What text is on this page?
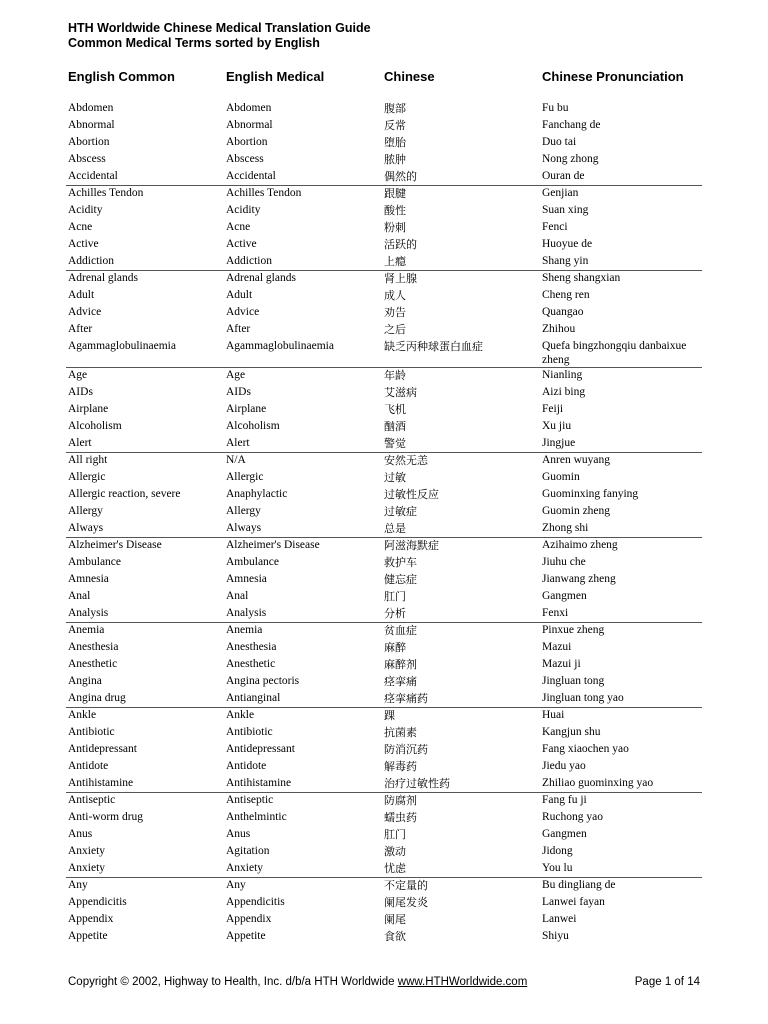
HTH Worldwide Chinese Medical Translation Guide
Common Medical Terms sorted by English
English Common	English Medical	Chinese	Chinese Pronunciation
Abdomen	Abdomen	腹部	Fu bu
Abnormal	Abnormal	反常	Fanchang de
Abortion	Abortion	堕胎	Duo tai
Abscess	Abscess	脓肿	Nong zhong
Accidental	Accidental	偶然的	Ouran de
Achilles Tendon	Achilles Tendon	跟腱	Genjian
Acidity	Acidity	酸性	Suan xing
Acne	Acne	粉刺	Fenci
Active	Active	活跃的	Huoyue de
Addiction	Addiction	上瘾	Shang yin
Adrenal glands	Adrenal glands	肾上腺	Sheng shangxian
Adult	Adult	成人	Cheng ren
Advice	Advice	劝告	Quangao
After	After	之后	Zhihou
Agammaglobulinaemia	Agammaglobulinaemia	缺乏丙种球蛋白血症	Quefa bingzhongqiu danbaixue zheng
Age	Age	年龄	Nianling
AIDs	AIDs	艾滋病	Aizi bing
Airplane	Airplane	飞机	Feiji
Alcoholism	Alcoholism	酗酒	Xu jiu
Alert	Alert	警觉	Jingjue
All right	N/A	安然无恙	Anren wuyang
Allergic	Allergic	过敏	Guomin
Allergic reaction, severe	Anaphylactic	过敏性反应	Guominxing fanying
Allergy	Allergy	过敏症	Guomin zheng
Always	Always	总是	Zhong shi
Alzheimer's Disease	Alzheimer's Disease	阿滋海默症	Azihaimo zheng
Ambulance	Ambulance	救护车	Jiuhu che
Amnesia	Amnesia	健忘症	Jianwang zheng
Anal	Anal	肛门	Gangmen
Analysis	Analysis	分析	Fenxi
Anemia	Anemia	贫血症	Pinxue zheng
Anesthesia	Anesthesia	麻醉	Mazui
Anesthetic	Anesthetic	麻醉剂	Mazui ji
Angina	Angina pectoris	痉挛痛	Jingluan tong
Angina drug	Antianginal	痉挛痛药	Jingluan tong yao
Ankle	Ankle	踝	Huai
Antibiotic	Antibiotic	抗菌素	Kangjun shu
Antidepressant	Antidepressant	防消沉药	Fang xiaochen yao
Antidote	Antidote	解毒药	Jiedu yao
Antihistamine	Antihistamine	治疗过敏性药	Zhiliao guominxing yao
Antiseptic	Antiseptic	防腐剂	Fang fu ji
Anti-worm drug	Anthelmintic	蠕虫药	Ruchong yao
Anus	Anus	肛门	Gangmen
Anxiety	Agitation	激动	Jidong
Anxiety	Anxiety	忧虑	You lu
Any	Any	不定量的	Bu dingliang de
Appendicitis	Appendicitis	阑尾发炎	Lanwei fayan
Appendix	Appendix	阑尾	Lanwei
Appetite	Appetite	食欲	Shiyu
Copyright © 2002, Highway to Health, Inc. d/b/a HTH Worldwide www.HTHWorldwide.com	Page 1 of 14
